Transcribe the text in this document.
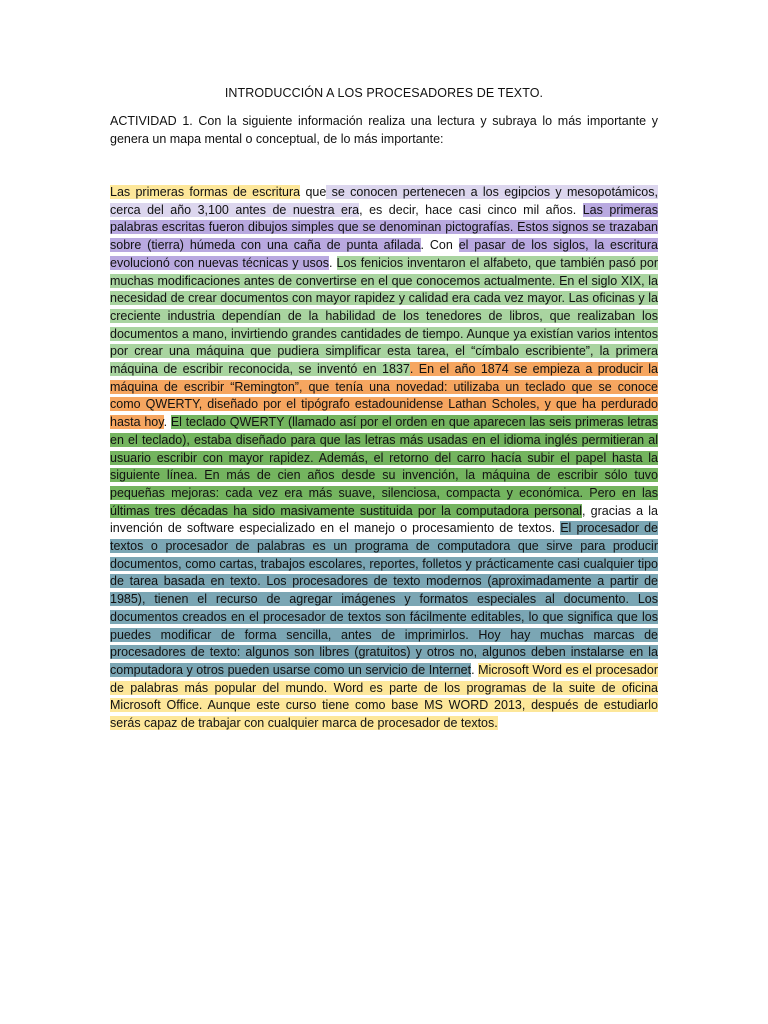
INTRODUCCIÓN A LOS PROCESADORES DE TEXTO.
ACTIVIDAD 1. Con la siguiente información realiza una lectura y subraya lo más importante y genera un mapa mental o conceptual, de lo más importante:
Las primeras formas de escritura que se conocen pertenecen a los egipcios y mesopotámicos, cerca del año 3,100 antes de nuestra era, es decir, hace casi cinco mil años. Las primeras palabras escritas fueron dibujos simples que se denominan pictografías. Estos signos se trazaban sobre (tierra) húmeda con una caña de punta afilada. Con el pasar de los siglos, la escritura evolucionó con nuevas técnicas y usos. Los fenicios inventaron el alfabeto, que también pasó por muchas modificaciones antes de convertirse en el que conocemos actualmente. En el siglo XIX, la necesidad de crear documentos con mayor rapidez y calidad era cada vez mayor. Las oficinas y la creciente industria dependían de la habilidad de los tenedores de libros, que realizaban los documentos a mano, invirtiendo grandes cantidades de tiempo. Aunque ya existían varios intentos por crear una máquina que pudiera simplificar esta tarea, el “címbalo escribiente”, la primera máquina de escribir reconocida, se inventó en 1837. En el año 1874 se empieza a producir la máquina de escribir “Remington”, que tenía una novedad: utilizaba un teclado que se conoce como QWERTY, diseñado por el tipógrafo estadounidense Lathan Scholes, y que ha perdurado hasta hoy. El teclado QWERTY (llamado así por el orden en que aparecen las seis primeras letras en el teclado), estaba diseñado para que las letras más usadas en el idioma inglés permitieran al usuario escribir con mayor rapidez. Además, el retorno del carro hacía subir el papel hasta la siguiente línea. En más de cien años desde su invención, la máquina de escribir sólo tuvo pequeñas mejoras: cada vez era más suave, silenciosa, compacta y económica. Pero en las últimas tres décadas ha sido masivamente sustituida por la computadora personal, gracias a la invención de software especializado en el manejo o procesamiento de textos. El procesador de textos o procesador de palabras es un programa de computadora que sirve para producir documentos, como cartas, trabajos escolares, reportes, folletos y prácticamente casi cualquier tipo de tarea basada en texto. Los procesadores de texto modernos (aproximadamente a partir de 1985), tienen el recurso de agregar imágenes y formatos especiales al documento. Los documentos creados en el procesador de textos son fácilmente editables, lo que significa que los puedes modificar de forma sencilla, antes de imprimirlos. Hoy hay muchas marcas de procesadores de texto: algunos son libres (gratuitos) y otros no, algunos deben instalarse en la computadora y otros pueden usarse como un servicio de Internet. Microsoft Word es el procesador de palabras más popular del mundo. Word es parte de los programas de la suite de oficina Microsoft Office. Aunque este curso tiene como base MS WORD 2013, después de estudiarlo serás capaz de trabajar con cualquier marca de procesador de textos.
